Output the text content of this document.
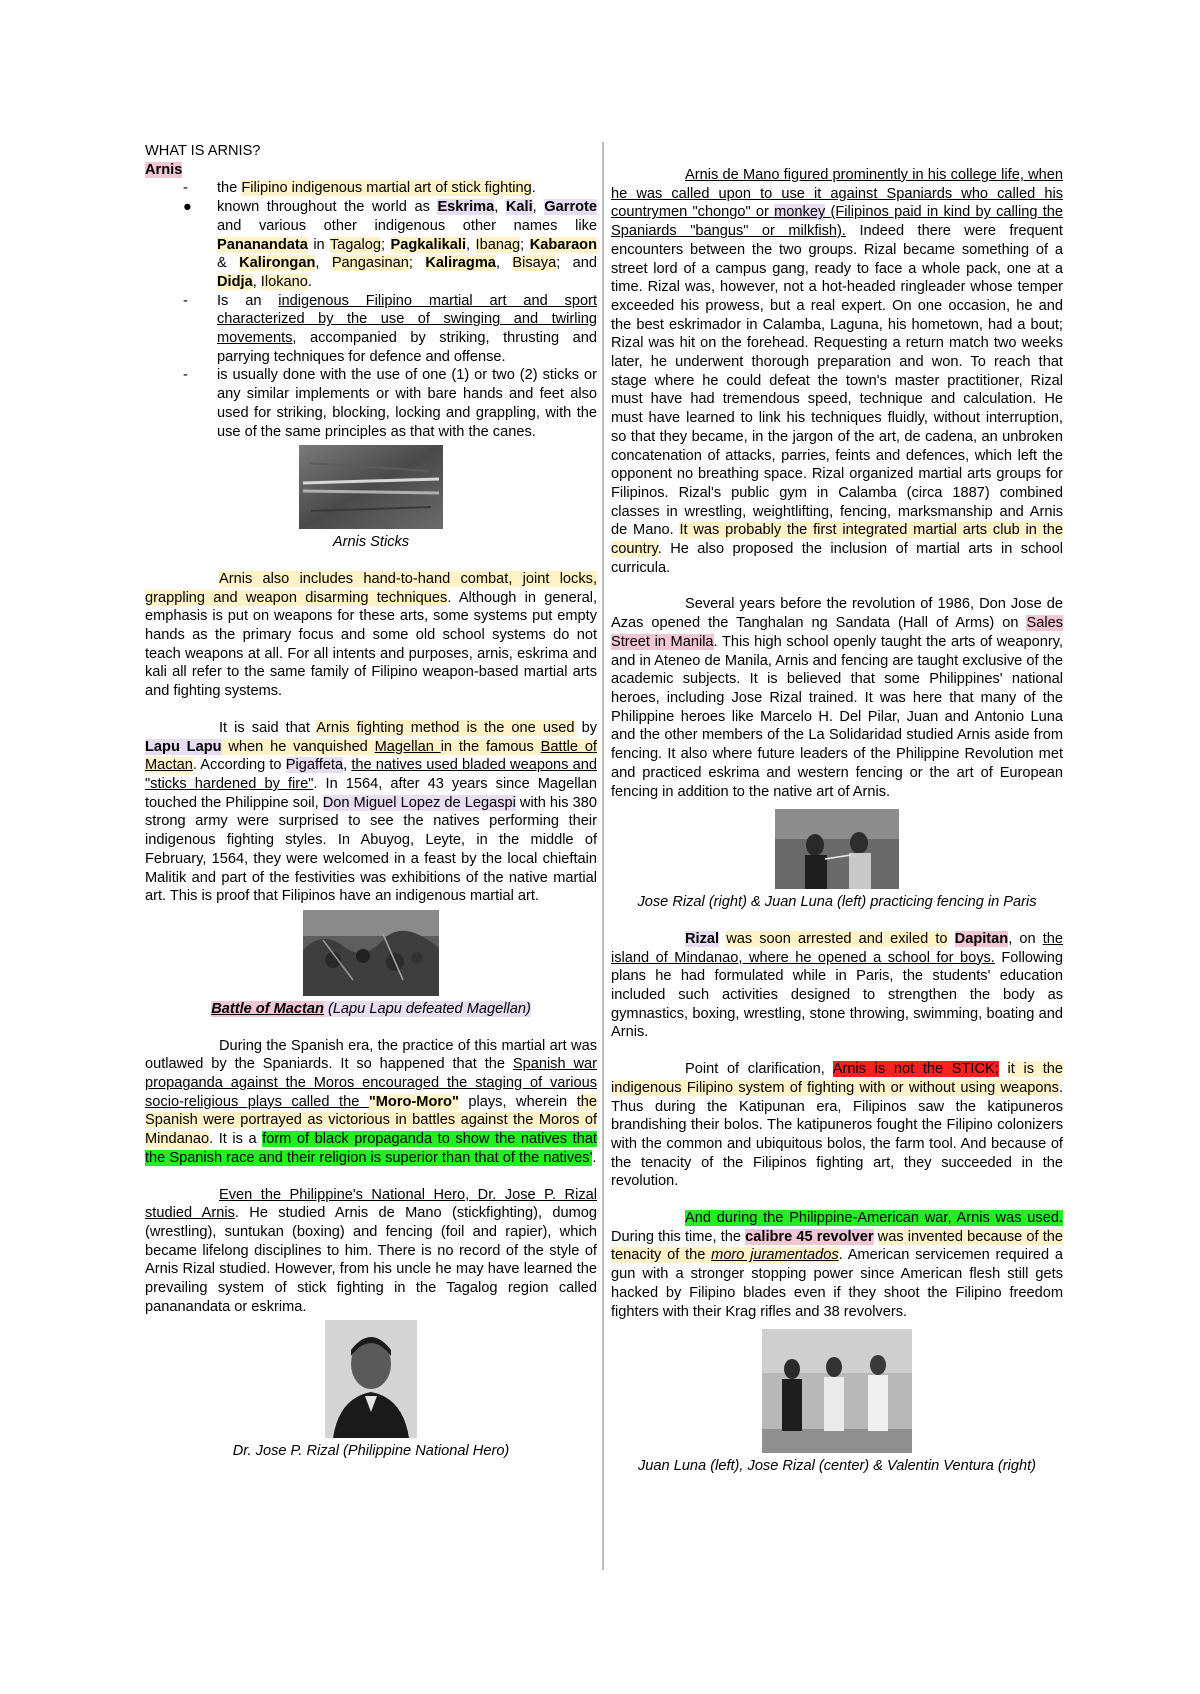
WHAT IS ARNIS?
Arnis
- the Filipino indigenous martial art of stick fighting.
● known throughout the world as Eskrima, Kali, Garrote and various other indigenous other names like Pananandata in Tagalog; Pagkalikali, Ibanag; Kabaraon & Kalirongan, Pangasinan; Kaliragma, Bisaya; and Didja, Ilokano.
- Is an indigenous Filipino martial art and sport characterized by the use of swinging and twirling movements, accompanied by striking, thrusting and parrying techniques for defence and offense.
- is usually done with the use of one (1) or two (2) sticks or any similar implements or with bare hands and feet also used for striking, blocking, locking and grappling, with the use of the same principles as that with the canes.
Arnis Sticks

Arnis also includes hand-to-hand combat, joint locks, grappling and weapon disarming techniques. Although in general, emphasis is put on weapons for these arts, some systems put empty hands as the primary focus and some old school systems do not teach weapons at all. For all intents and purposes, arnis, eskrima and kali all refer to the same family of Filipino weapon-based martial arts and fighting systems.

It is said that Arnis fighting method is the one used by Lapu Lapu when he vanquished Magellan in the famous Battle of Mactan. According to Pigaffeta, the natives used bladed weapons and "sticks hardened by fire". In 1564, after 43 years since Magellan touched the Philippine soil, Don Miguel Lopez de Legaspi with his 380 strong army were surprised to see the natives performing their indigenous fighting styles. In Abuyog, Leyte, in the middle of February, 1564, they were welcomed in a feast by the local chieftain Malitik and part of the festivities was exhibitions of the native martial art. This is proof that Filipinos have an indigenous martial art.

Battle of Mactan (Lapu Lapu defeated Magellan)

During the Spanish era, the practice of this martial art was outlawed by the Spaniards. It so happened that the Spanish war propaganda against the Moros encouraged the staging of various socio-religious plays called the "Moro-Moro" plays, wherein the Spanish were portrayed as victorious in battles against the Moros of Mindanao. It is a form of black propaganda to show the natives that the Spanish race and their religion is superior than that of the natives'.

Even the Philippine's National Hero, Dr. Jose P. Rizal studied Arnis. He studied Arnis de Mano (stickfighting), dumog (wrestling), suntukan (boxing) and fencing (foil and rapier), which became lifelong disciplines to him. There is no record of the style of Arnis Rizal studied. However, from his uncle he may have learned the prevailing system of stick fighting in the Tagalog region called pananandata or eskrima.

Dr. Jose P. Rizal (Philippine National Hero)

Arnis de Mano figured prominently in his college life, when he was called upon to use it against Spaniards who called his countrymen "chongo" or monkey (Filipinos paid in kind by calling the Spaniards "bangus" or milkfish). Indeed there were frequent encounters between the two groups. Rizal became something of a street lord of a campus gang, ready to face a whole pack, one at a time. Rizal was, however, not a hot-headed ringleader whose temper exceeded his prowess, but a real expert. On one occasion, he and the best eskrimador in Calamba, Laguna, his hometown, had a bout; Rizal was hit on the forehead. Requesting a return match two weeks later, he underwent thorough preparation and won. To reach that stage where he could defeat the town's master practitioner, Rizal must have had tremendous speed, technique and calculation. He must have learned to link his techniques fluidly, without interruption, so that they became, in the jargon of the art, de cadena, an unbroken concatenation of attacks, parries, feints and defences, which left the opponent no breathing space. Rizal organized martial arts groups for Filipinos. Rizal's public gym in Calamba (circa 1887) combined classes in wrestling, weightlifting, fencing, marksmanship and Arnis de Mano. It was probably the first integrated martial arts club in the country. He also proposed the inclusion of martial arts in school curricula.

Several years before the revolution of 1986, Don Jose de Azas opened the Tanghalan ng Sandata (Hall of Arms) on Sales Street in Manila. This high school openly taught the arts of weaponry, and in Ateneo de Manila, Arnis and fencing are taught exclusive of the academic subjects. It is believed that some Philippines' national heroes, including Jose Rizal trained. It was here that many of the Philippine heroes like Marcelo H. Del Pilar, Juan and Antonio Luna and the other members of the La Solidaridad studied Arnis aside from fencing. It also where future leaders of the Philippine Revolution met and practiced eskrima and western fencing or the art of European fencing in addition to the native art of Arnis.

Jose Rizal (right) & Juan Luna (left) practicing fencing in Paris

Rizal was soon arrested and exiled to Dapitan, on the island of Mindanao, where he opened a school for boys. Following plans he had formulated while in Paris, the students' education included such activities designed to strengthen the body as gymnastics, boxing, wrestling, stone throwing, swimming, boating and Arnis.

Point of clarification, Arnis is not the STICK; it is the indigenous Filipino system of fighting with or without using weapons. Thus during the Katipunan era, Filipinos saw the katipuneros brandishing their bolos. The katipuneros fought the Filipino colonizers with the common and ubiquitous bolos, the farm tool. And because of the tenacity of the Filipinos fighting art, they succeeded in the revolution.

And during the Philippine-American war, Arnis was used. During this time, the calibre 45 revolver was invented because of the tenacity of the moro juramentados. American servicemen required a gun with a stronger stopping power since American flesh still gets hacked by Filipino blades even if they shoot the Filipino freedom fighters with their Krag rifles and 38 revolvers.

Juan Luna (left), Jose Rizal (center) & Valentin Ventura (right)
